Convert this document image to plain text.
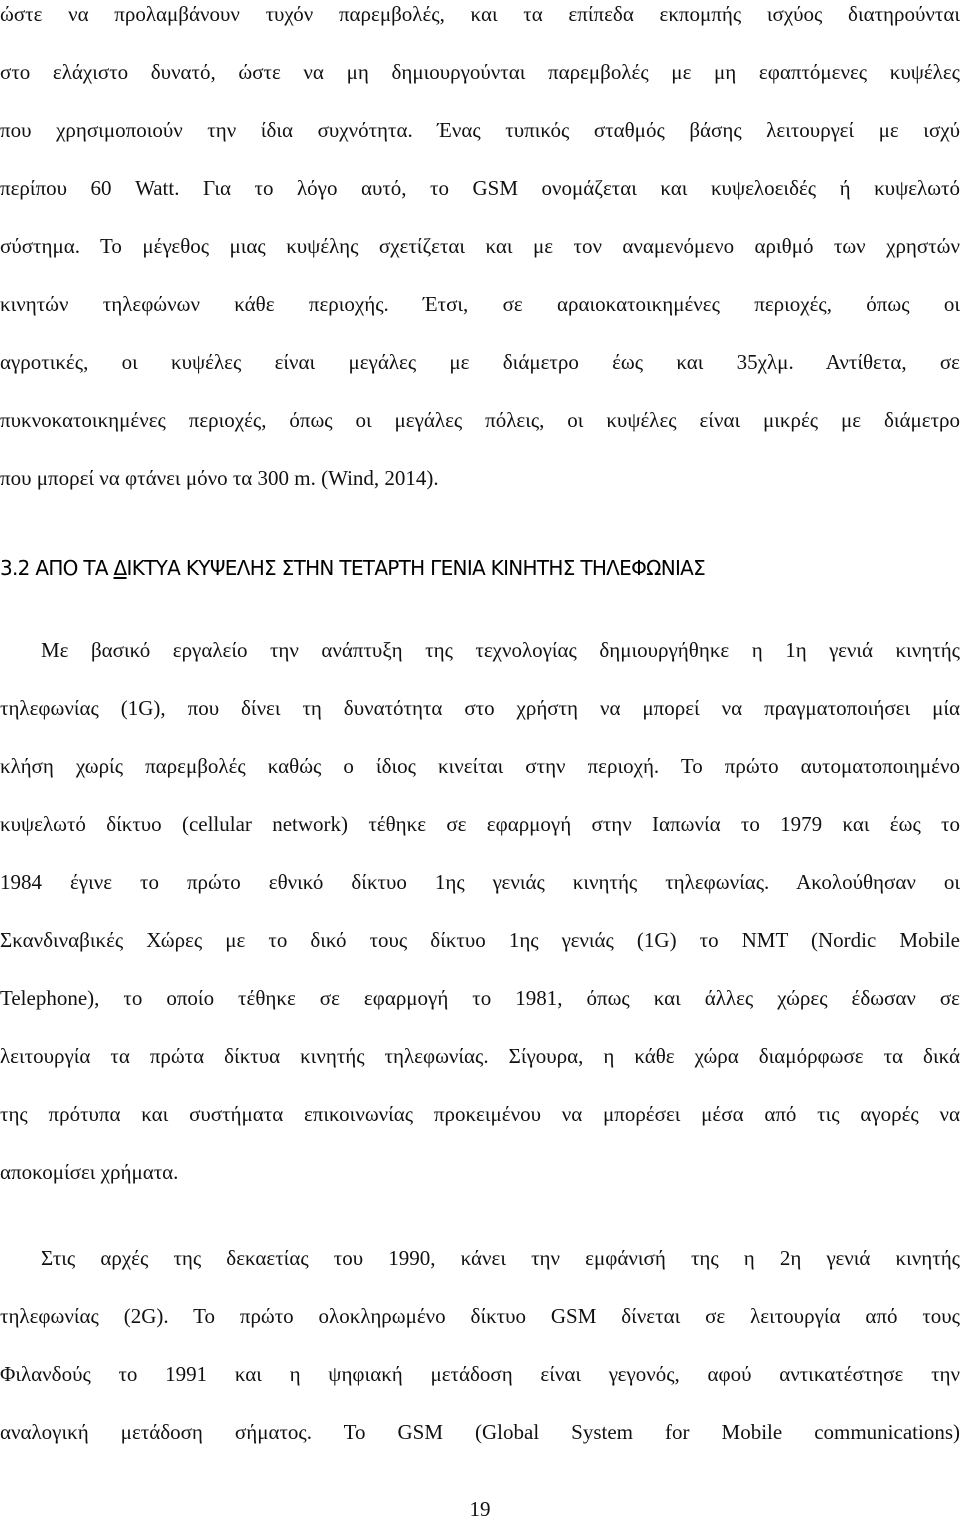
ώστε να προλαμβάνουν τυχόν παρεμβολές, και τα επίπεδα εκπομπής ισχύος διατηρούνται
στο ελάχιστο δυνατό, ώστε να μη δημιουργούνται παρεμβολές με μη εφαπτόμενες κυψέλες
που χρησιμοποιούν την ίδια συχνότητα. Ένας τυπικός σταθμός βάσης λειτουργεί με ισχύ
περίπου 60 Watt. Για το λόγο αυτό, το GSM ονομάζεται και κυψελοειδές ή κυψελωτό
σύστημα. Το μέγεθος μιας κυψέλης σχετίζεται και με τον αναμενόμενο αριθμό των χρηστών
κινητών τηλεφώνων κάθε περιοχής. Έτσι, σε αραιοκατοικημένες περιοχές, όπως οι
αγροτικές, οι κυψέλες είναι μεγάλες με διάμετρο έως και 35χλμ. Αντίθετα, σε
πυκνοκατοικημένες περιοχές, όπως οι μεγάλες πόλεις, οι κυψέλες είναι μικρές με διάμετρο
που μπορεί να φτάνει μόνο τα 300 m. (Wind, 2014).
3.2 ΑΠΟ ΤΑ ΔΙΚΤΥΑ ΚΥΨΕΛΗΣ ΣΤΗΝ ΤΕΤΑΡΤΗ ΓΕΝΙΑ ΚΙΝΗΤΗΣ ΤΗΛΕΦΩΝΙΑΣ
Με βασικό εργαλείο την ανάπτυξη της τεχνολογίας δημιουργήθηκε η 1η γενιά κινητής
τηλεφωνίας (1G), που δίνει τη δυνατότητα στο χρήστη να μπορεί να πραγματοποιήσει μία
κλήση χωρίς παρεμβολές καθώς ο ίδιος κινείται στην περιοχή. Το πρώτο αυτοματοποιημένο
κυψελωτό δίκτυο (cellular network) τέθηκε σε εφαρμογή στην Ιαπωνία το 1979 και έως το
1984 έγινε το πρώτο εθνικό δίκτυο 1ης γενιάς κινητής τηλεφωνίας. Ακολούθησαν οι
Σκανδιναβικές Χώρες με το δικό τους δίκτυο 1ης γενιάς (1G) το NMT (Nordic Mobile
Telephone), το οποίο τέθηκε σε εφαρμογή το 1981, όπως και άλλες χώρες έδωσαν σε
λειτουργία τα πρώτα δίκτυα κινητής τηλεφωνίας. Σίγουρα, η κάθε χώρα διαμόρφωσε τα δικά
της πρότυπα και συστήματα επικοινωνίας προκειμένου να μπορέσει μέσα από τις αγορές να
αποκομίσει χρήματα.
Στις αρχές της δεκαετίας του 1990, κάνει την εμφάνισή της η 2η γενιά κινητής
τηλεφωνίας (2G). Το πρώτο ολοκληρωμένο δίκτυο GSM δίνεται σε λειτουργία από τους
Φιλανδούς το 1991 και η ψηφιακή μετάδοση είναι γεγονός, αφού αντικατέστησε την
αναλογική μετάδοση σήματος. Το GSM (Global System for Mobile communications)
19
